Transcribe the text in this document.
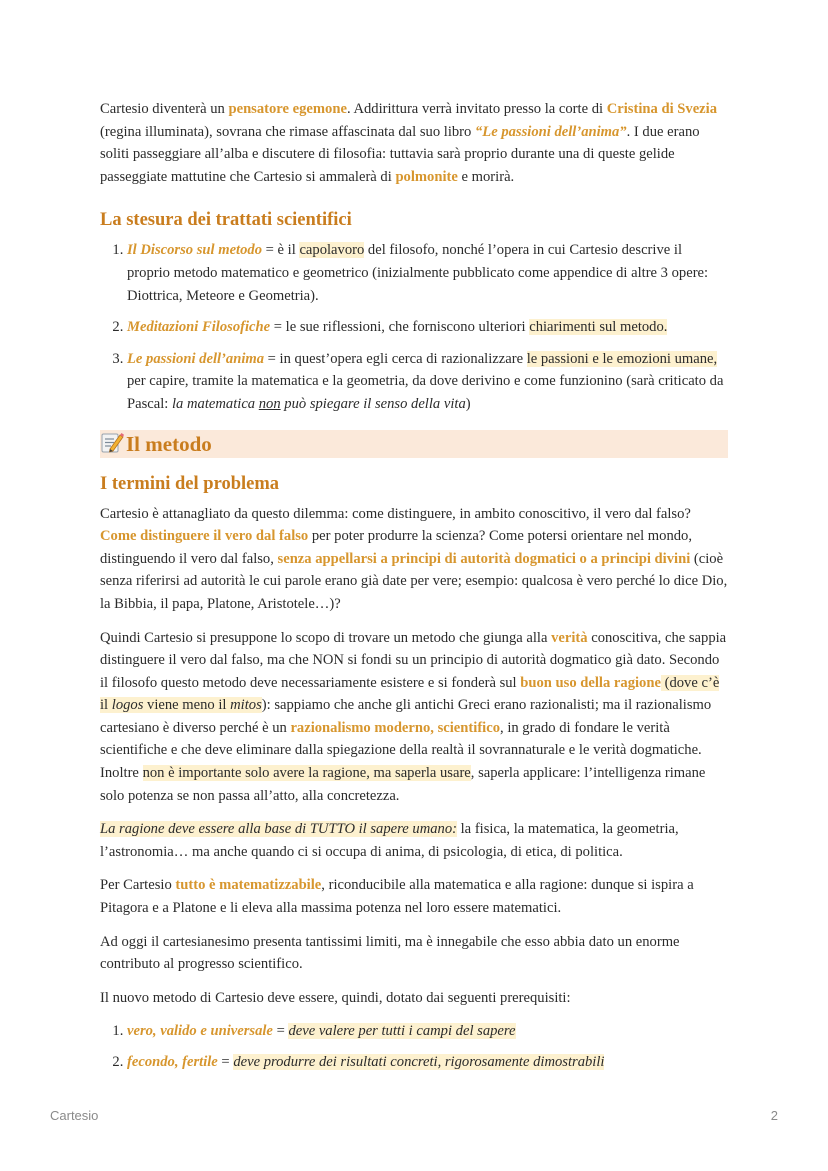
Cartesio diventerà un pensatore egemone. Addirittura verrà invitato presso la corte di Cristina di Svezia (regina illuminata), sovrana che rimase affascinata dal suo libro “Le passioni dell’anima”. I due erano soliti passeggiare all’alba e discutere di filosofia: tuttavia sarà proprio durante una di queste gelide passeggiate mattutine che Cartesio si ammalerà di polmonite e morirà.

La stesura dei trattati scientifici
1. Il Discorso sul metodo = è il capolavoro del filosofo, nonché l’opera in cui Cartesio descrive il proprio metodo matematico e geometrico (inizialmente pubblicato come appendice di altre 3 opere: Diottrica, Meteore e Geometria).
2. Meditazioni Filosofiche = le sue riflessioni, che forniscono ulteriori chiarimenti sul metodo.
3. Le passioni dell’anima = in quest’opera egli cerca di razionalizzare le passioni e le emozioni umane, per capire, tramite la matematica e la geometria, da dove derivino e come funzionino (sarà criticato da Pascal: la matematica non può spiegare il senso della vita)
Il metodo
I termini del problema

Cartesio è attanagliato da questo dilemma: come distinguere, in ambito conoscitivo, il vero dal falso? Come distinguere il vero dal falso per poter produrre la scienza? Come potersi orientare nel mondo, distinguendo il vero dal falso, senza appellarsi a principi di autorità dogmatici o a principi divini (cioè senza riferirsi ad autorità le cui parole erano già date per vere; esempio: qualcosa è vero perché lo dice Dio, la Bibbia, il papa, Platone, Aristotele…)?

Quindi Cartesio si presuppone lo scopo di trovare un metodo che giunga alla verità conoscitiva, che sappia distinguere il vero dal falso, ma che NON si fondi su un principio di autorità dogmatico già dato. Secondo il filosofo questo metodo deve necessariamente esistere e si fonderà sul buon uso della ragione (dove c’è il logos viene meno il mitos): sappiamo che anche gli antichi Greci erano razionalisti; ma il razionalismo cartesiano è diverso perché è un razionalismo moderno, scientifico, in grado di fondare le verità scientifiche e che deve eliminare dalla spiegazione della realtà il sovrannaturale e le verità dogmatiche. Inoltre non è importante solo avere la ragione, ma saperla usare, saperla applicare: l’intelligenza rimane solo potenza se non passa all’atto, alla concretezza.

La ragione deve essere alla base di TUTTO il sapere umano: la fisica, la matematica, la geometria, l’astronomia… ma anche quando ci si occupa di anima, di psicologia, di etica, di politica.

Per Cartesio tutto è matematizzabile, riconducibile alla matematica e alla ragione: dunque si ispira a Pitagora e a Platone e li eleva alla massima potenza nel loro essere matematici.

Ad oggi il cartesianesimo presenta tantissimi limiti, ma è innegabile che esso abbia dato un enorme contributo al progresso scientifico.

Il nuovo metodo di Cartesio deve essere, quindi, dotato dai seguenti prerequisiti:

1. vero, valido e universale = deve valere per tutti i campi del sapere
2. fecondo, fertile = deve produrre dei risultati concreti, rigorosamente dimostrabili
Cartesio	2
